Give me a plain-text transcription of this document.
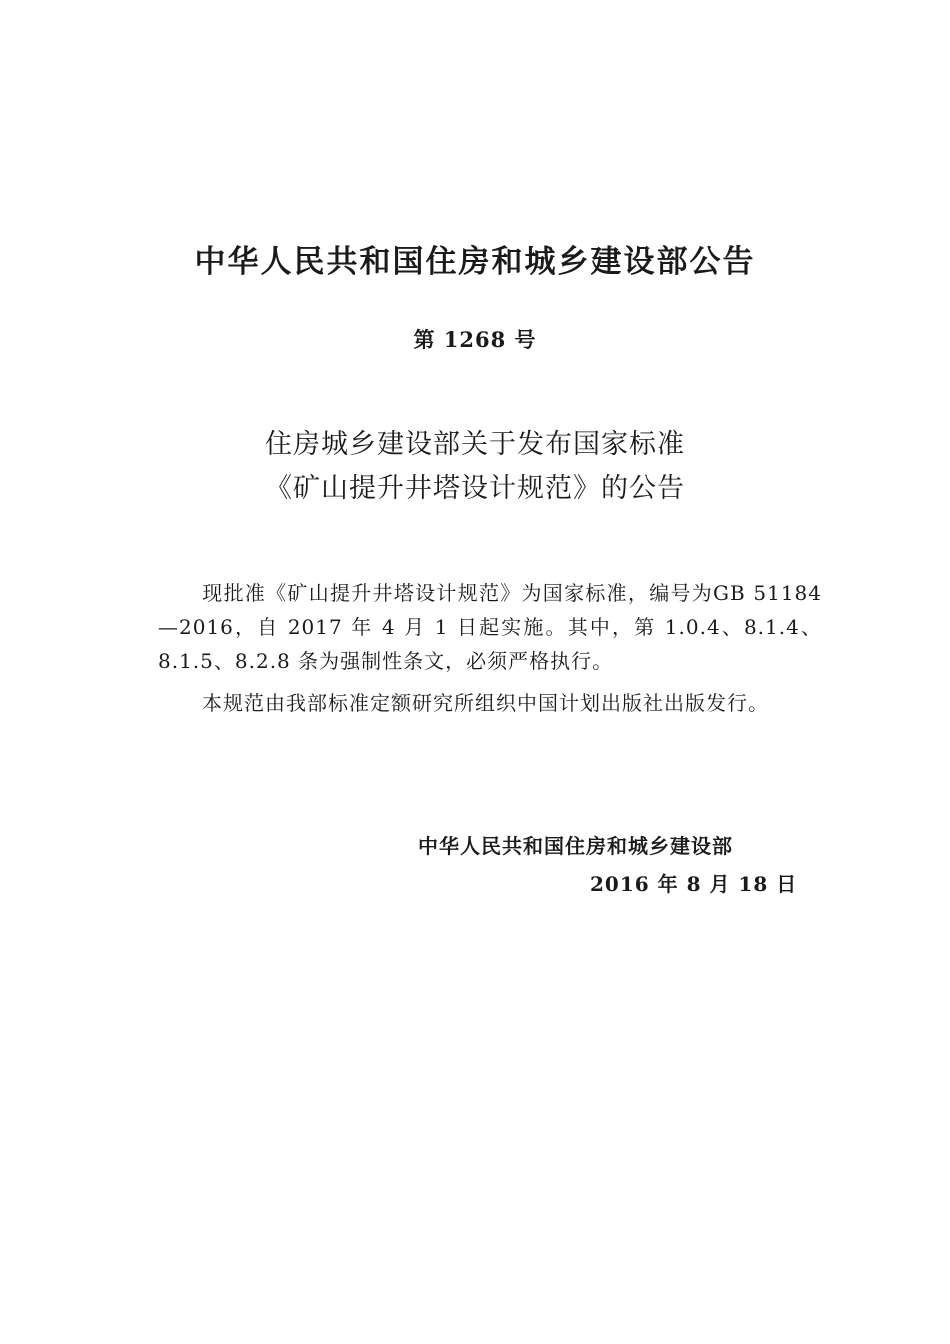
中华人民共和国住房和城乡建设部公告
第 1268 号
住房城乡建设部关于发布国家标准
《矿山提升井塔设计规范》的公告
现批准《矿山提升井塔设计规范》为国家标准，编号为GB 51184—2016，自 2017 年 4 月 1 日起实施。其中，第 1.0.4、8.1.4、8.1.5、8.2.8 条为强制性条文，必须严格执行。
本规范由我部标准定额研究所组织中国计划出版社出版发行。
中华人民共和国住房和城乡建设部
2016 年 8 月 18 日
